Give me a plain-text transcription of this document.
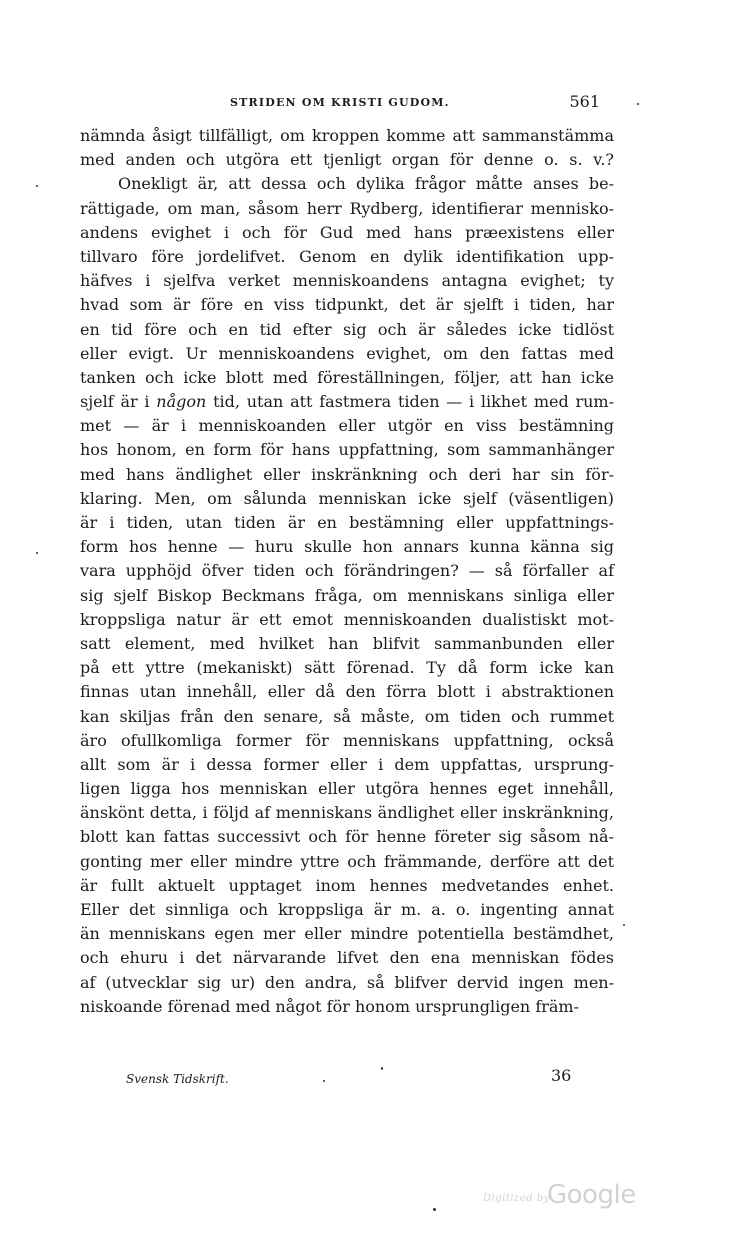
STRIDEN OM KRISTI GUDOM.	561
nämnda åsigt tillfälligt, om kroppen komme att sammanstämma
med anden och utgöra ett tjenligt organ för denne o. s. v.?
Onekligt är, att dessa och dylika frågor måtte anses be-
rättigade, om man, såsom herr Rydberg, identifierar mennisko-
andens evighet i och för Gud med hans præexistens eller
tillvaro före jordelifvet. Genom en dylik identifikation upp-
häfves i sjelfva verket menniskoandens antagna evighet; ty
hvad som är före en viss tidpunkt, det är sjelft i tiden, har
en tid före och en tid efter sig och är således icke tidlöst
eller evigt. Ur menniskoandens evighet, om den fattas med
tanken och icke blott med föreställningen, följer, att han icke
sjelf är i någon tid, utan att fastmera tiden — i likhet med rum-
met — är i menniskoanden eller utgör en viss bestämning
hos honom, en form för hans uppfattning, som sammanhänger
med hans ändlighet eller inskränkning och deri har sin för-
klaring. Men, om sålunda menniskan icke sjelf (väsentligen)
är i tiden, utan tiden är en bestämning eller uppfattnings-
form hos henne — huru skulle hon annars kunna känna sig
vara upphöjd öfver tiden och förändringen? — så förfaller af
sig sjelf Biskop Beckmans fråga, om menniskans sinliga eller
kroppsliga natur är ett emot menniskoanden dualistiskt mot-
satt element, med hvilket han blifvit sammanbunden eller
på ett yttre (mekaniskt) sätt förenad. Ty då form icke kan
finnas utan innehåll, eller då den förra blott i abstraktionen
kan skiljas från den senare, så måste, om tiden och rummet
äro ofullkomliga former för menniskans uppfattning, också
allt som är i dessa former eller i dem uppfattas, ursprung-
ligen ligga hos menniskan eller utgöra hennes eget innehåll,
änskönt detta, i följd af menniskans ändlighet eller inskränkning,
blott kan fattas successivt och för henne företer sig såsom nå-
gonting mer eller mindre yttre och främmande, derföre att det
är fullt aktuelt upptaget inom hennes medvetandes enhet.
Eller det sinnliga och kroppsliga är m. a. o. ingenting annat
än menniskans egen mer eller mindre potentiella bestämdhet,
och ehuru i det närvarande lifvet den ena menniskan födes
af (utvecklar sig ur) den andra, så blifver dervid ingen men-
niskoande förenad med något för honom ursprungligen främ-
Svensk Tidskrift.	36
Digitized by
Google
